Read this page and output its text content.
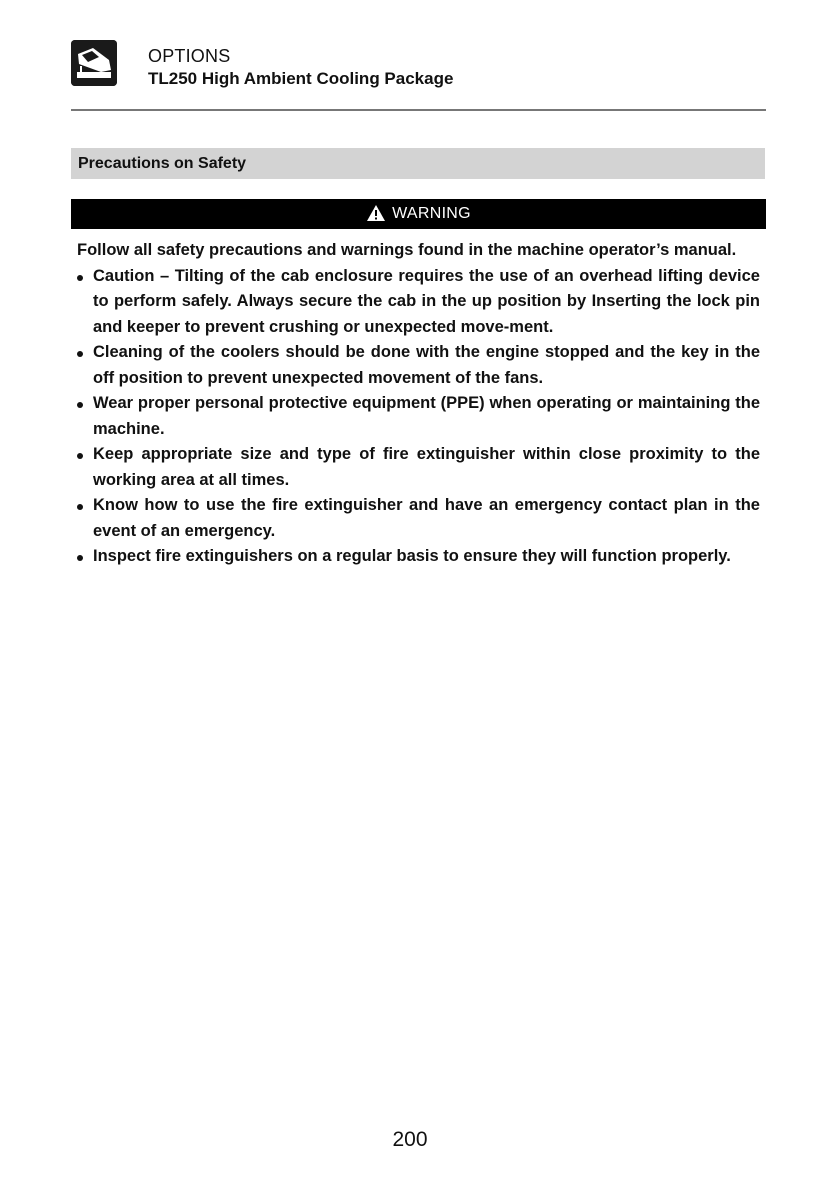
OPTIONS
TL250 High Ambient Cooling Package
Precautions on Safety
WARNING

Follow all safety precautions and warnings found in the machine operator’s manual.

Caution – Tilting of the cab enclosure requires the use of an overhead lifting device to perform safely. Always secure the cab in the up position by Inserting the lock pin and keeper to prevent crushing or unexpected move-ment.
Cleaning of the coolers should be done with the engine stopped and the key in the off position to prevent unexpected movement of the fans.
Wear proper personal protective equipment (PPE) when operating or maintaining the machine.
Keep appropriate size and type of fire extinguisher within close proximity to the working area at all times.
Know how to use the fire extinguisher and have an emergency contact plan in the event of an emergency.
Inspect fire extinguishers on a regular basis to ensure they will function properly.
200
